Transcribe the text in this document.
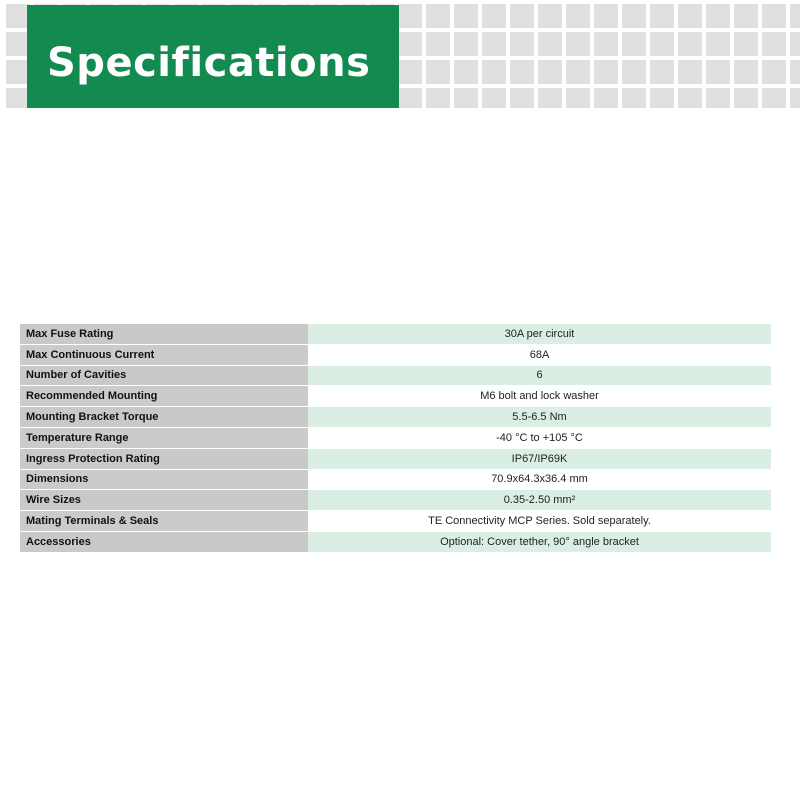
Specifications
Max Fuse Rating	30A per circuit
Max Continuous Current	68A
Number of Cavities	6
Recommended Mounting	M6 bolt and lock washer
Mounting Bracket Torque	5.5-6.5 Nm
Temperature Range	-40 °C to +105 °C
Ingress Protection Rating	IP67/IP69K
Dimensions	70.9x64.3x36.4 mm
Wire Sizes	0.35-2.50 mm²
Mating Terminals & Seals	TE Connectivity MCP Series. Sold separately.
Accessories	Optional: Cover tether, 90° angle bracket
